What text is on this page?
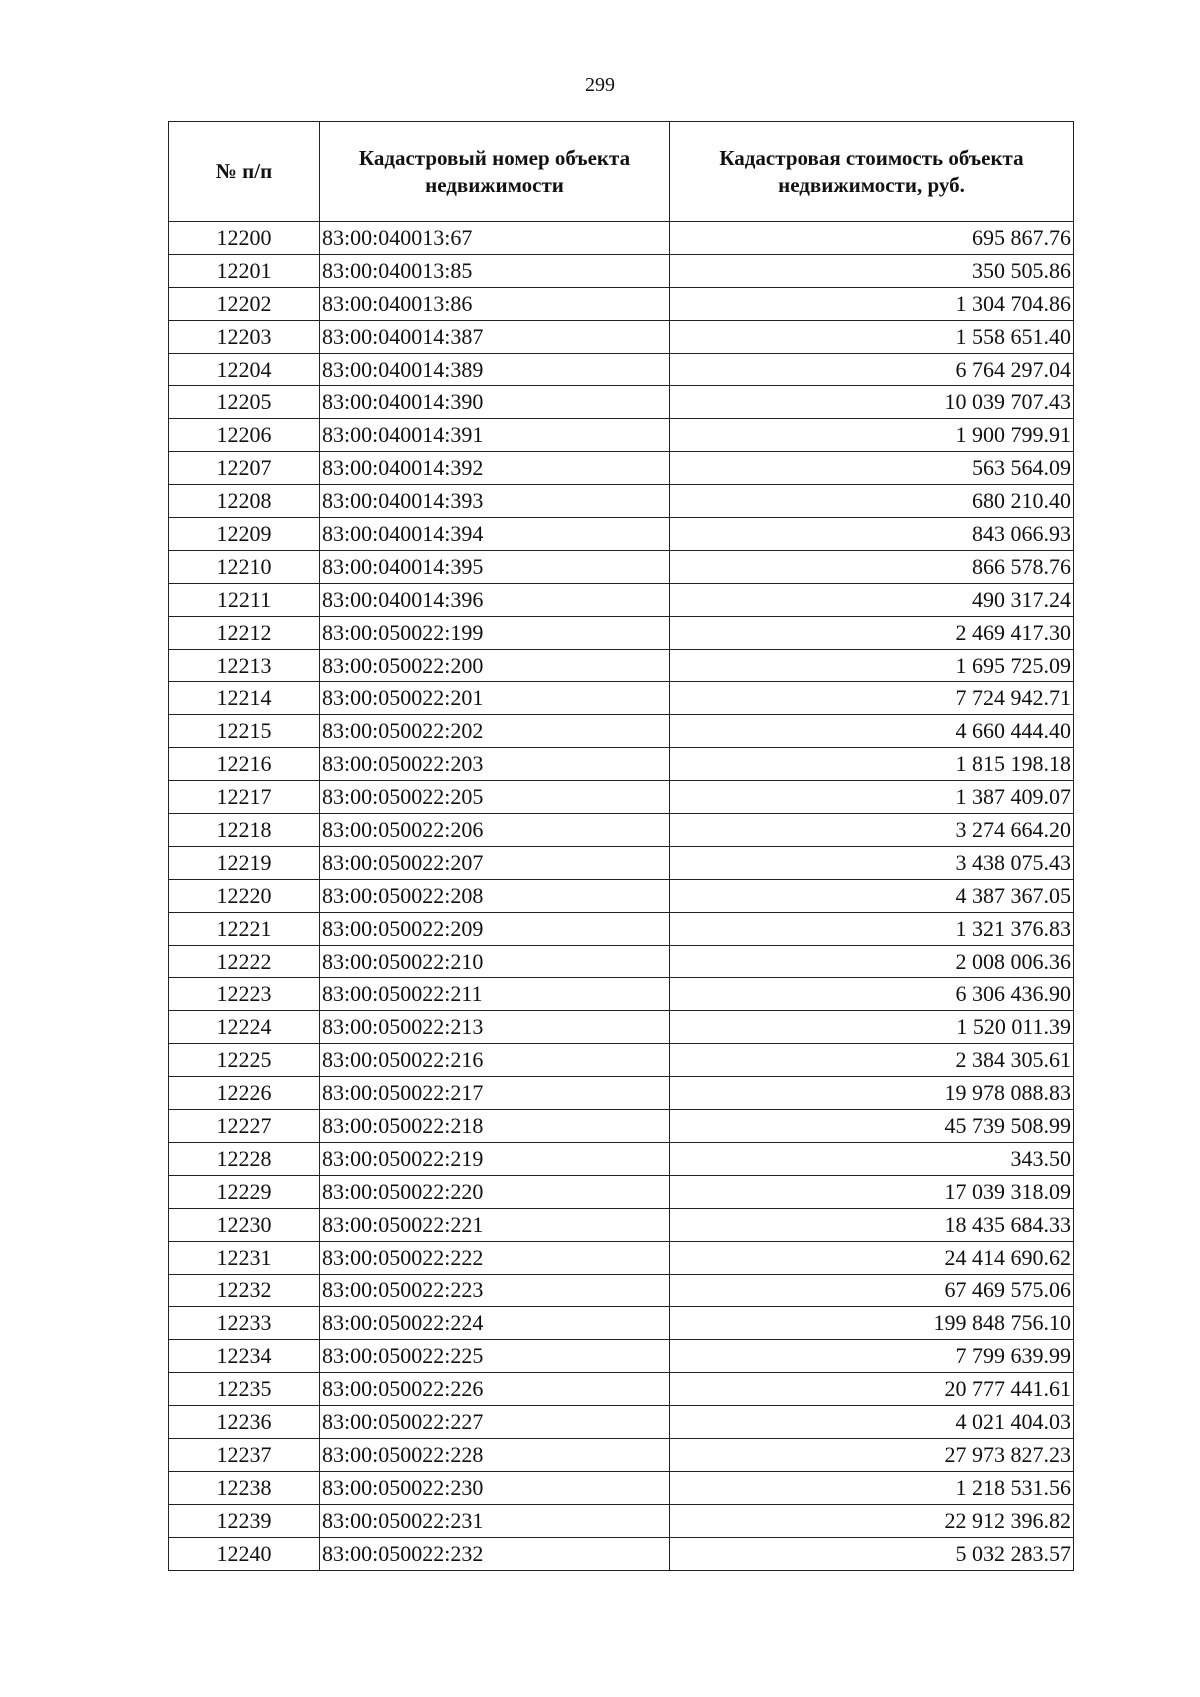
299
№ п/п	Кадастровый номер объекта недвижимости	Кадастровая стоимость объекта недвижимости, руб.
12200	83:00:040013:67	695 867.76
12201	83:00:040013:85	350 505.86
12202	83:00:040013:86	1 304 704.86
12203	83:00:040014:387	1 558 651.40
12204	83:00:040014:389	6 764 297.04
12205	83:00:040014:390	10 039 707.43
12206	83:00:040014:391	1 900 799.91
12207	83:00:040014:392	563 564.09
12208	83:00:040014:393	680 210.40
12209	83:00:040014:394	843 066.93
12210	83:00:040014:395	866 578.76
12211	83:00:040014:396	490 317.24
12212	83:00:050022:199	2 469 417.30
12213	83:00:050022:200	1 695 725.09
12214	83:00:050022:201	7 724 942.71
12215	83:00:050022:202	4 660 444.40
12216	83:00:050022:203	1 815 198.18
12217	83:00:050022:205	1 387 409.07
12218	83:00:050022:206	3 274 664.20
12219	83:00:050022:207	3 438 075.43
12220	83:00:050022:208	4 387 367.05
12221	83:00:050022:209	1 321 376.83
12222	83:00:050022:210	2 008 006.36
12223	83:00:050022:211	6 306 436.90
12224	83:00:050022:213	1 520 011.39
12225	83:00:050022:216	2 384 305.61
12226	83:00:050022:217	19 978 088.83
12227	83:00:050022:218	45 739 508.99
12228	83:00:050022:219	343.50
12229	83:00:050022:220	17 039 318.09
12230	83:00:050022:221	18 435 684.33
12231	83:00:050022:222	24 414 690.62
12232	83:00:050022:223	67 469 575.06
12233	83:00:050022:224	199 848 756.10
12234	83:00:050022:225	7 799 639.99
12235	83:00:050022:226	20 777 441.61
12236	83:00:050022:227	4 021 404.03
12237	83:00:050022:228	27 973 827.23
12238	83:00:050022:230	1 218 531.56
12239	83:00:050022:231	22 912 396.82
12240	83:00:050022:232	5 032 283.57
